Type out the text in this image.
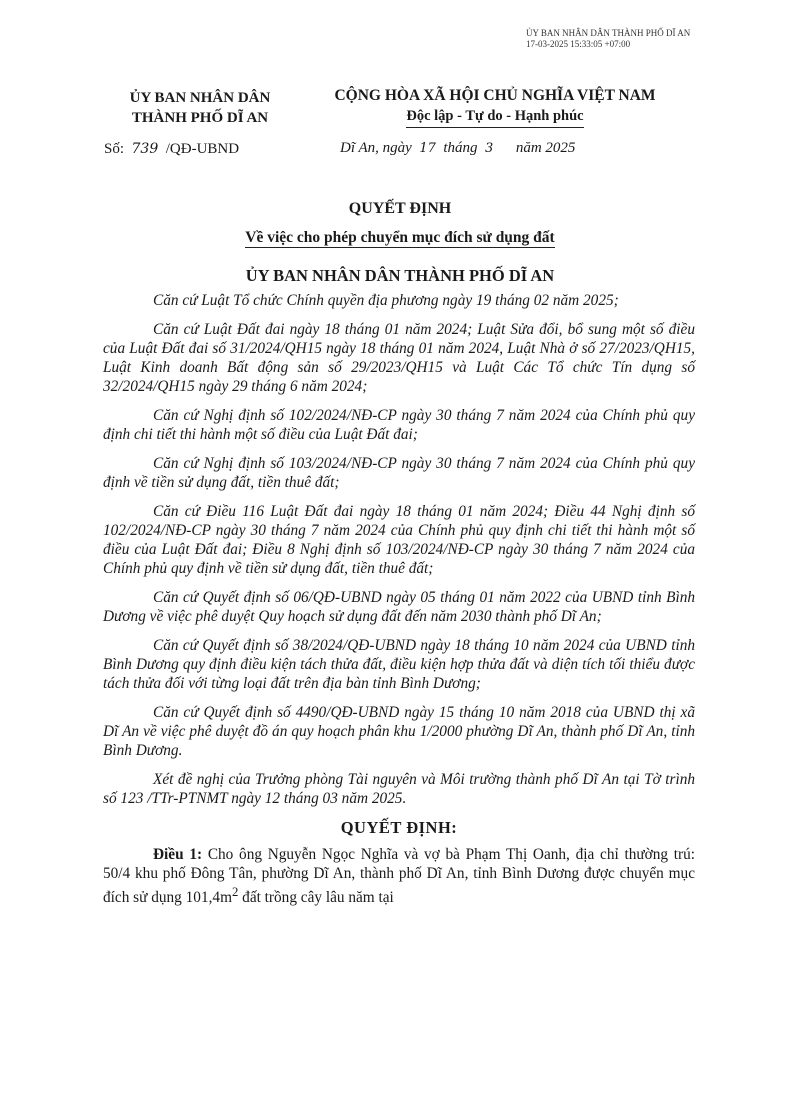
ỦY BAN NHÂN DÂN THÀNH PHỐ DĨ AN
17-03-2025 15:33:05 +07:00
ỦY BAN NHÂN DÂN
THÀNH PHỐ DĨ AN
CỘNG HÒA XÃ HỘI CHỦ NGHĨA VIỆT NAM
Độc lập - Tự do - Hạnh phúc
Số: 739 /QĐ-UBND	Dĩ An, ngày 17 tháng 3 năm 2025
QUYẾT ĐỊNH
Về việc cho phép chuyển mục đích sử dụng đất
ỦY BAN NHÂN DÂN THÀNH PHỐ DĨ AN

Căn cứ Luật Tổ chức Chính quyền địa phương ngày 19 tháng 02 năm 2025;

Căn cứ Luật Đất đai ngày 18 tháng 01 năm 2024; Luật Sửa đổi, bổ sung một số điều của Luật Đất đai số 31/2024/QH15 ngày 18 tháng 01 năm 2024, Luật Nhà ở số 27/2023/QH15, Luật Kinh doanh Bất động sản số 29/2023/QH15 và Luật Các Tổ chức Tín dụng số 32/2024/QH15 ngày 29 tháng 6 năm 2024;

Căn cứ Nghị định số 102/2024/NĐ-CP ngày 30 tháng 7 năm 2024 của Chính phủ quy định chi tiết thi hành một số điều của Luật Đất đai;

Căn cứ Nghị định số 103/2024/NĐ-CP ngày 30 tháng 7 năm 2024 của Chính phủ quy định về tiền sử dụng đất, tiền thuê đất;

Căn cứ Điều 116 Luật Đất đai ngày 18 tháng 01 năm 2024; Điều 44 Nghị định số 102/2024/NĐ-CP ngày 30 tháng 7 năm 2024 của Chính phủ quy định chi tiết thi hành một số điều của Luật Đất đai; Điều 8 Nghị định số 103/2024/NĐ-CP ngày 30 tháng 7 năm 2024 của Chính phủ quy định về tiền sử dụng đất, tiền thuê đất;

Căn cứ Quyết định số 06/QĐ-UBND ngày 05 tháng 01 năm 2022 của UBND tỉnh Bình Dương về việc phê duyệt Quy hoạch sử dụng đất đến năm 2030 thành phố Dĩ An;

Căn cứ Quyết định số 38/2024/QĐ-UBND ngày 18 tháng 10 năm 2024 của UBND tỉnh Bình Dương quy định điều kiện tách thửa đất, điều kiện hợp thửa đất và diện tích tối thiểu được tách thửa đối với từng loại đất trên địa bàn tỉnh Bình Dương;

Căn cứ Quyết định số 4490/QĐ-UBND ngày 15 tháng 10 năm 2018 của UBND thị xã Dĩ An về việc phê duyệt đồ án quy hoạch phân khu 1/2000 phường Dĩ An, thành phố Dĩ An, tỉnh Bình Dương.

Xét đề nghị của Trưởng phòng Tài nguyên và Môi trường thành phố Dĩ An tại Tờ trình số 123 /TTr-PTNMT ngày 12 tháng 03 năm 2025.

QUYẾT ĐỊNH:

Điều 1: Cho ông Nguyễn Ngọc Nghĩa và vợ bà Phạm Thị Oanh, địa chỉ thường trú: 50/4 khu phố Đông Tân, phường Dĩ An, thành phố Dĩ An, tỉnh Bình Dương được chuyển mục đích sử dụng $101,4m^2$ đất trồng cây lâu năm tại
